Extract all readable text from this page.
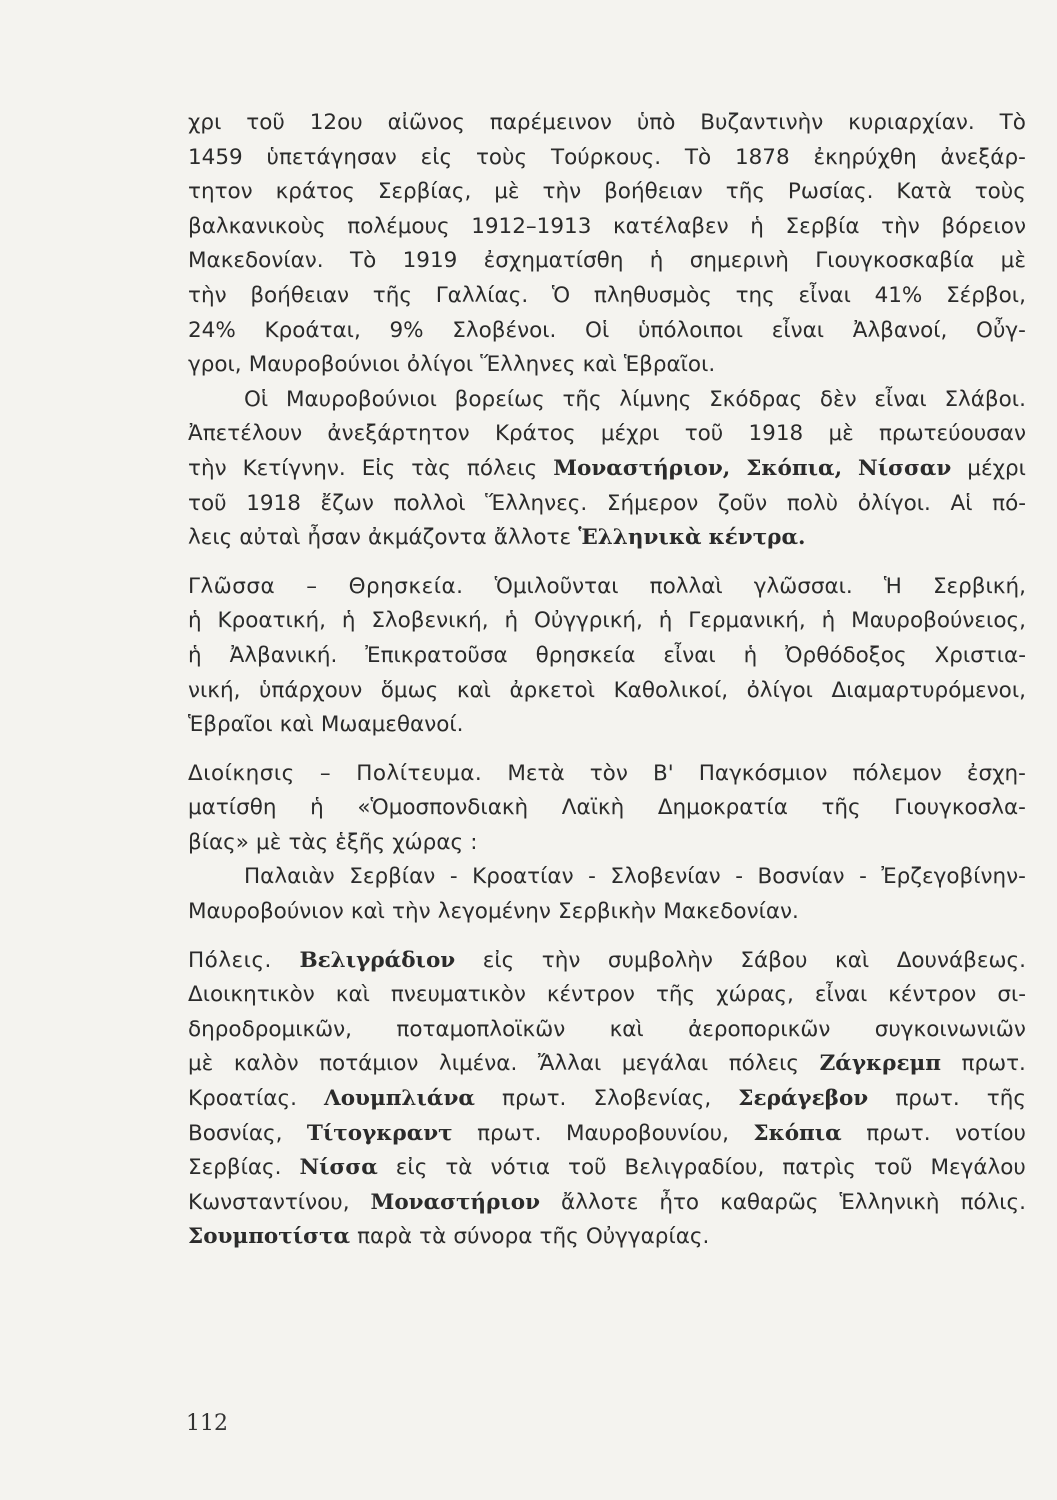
χρι τοῦ 12ου αἰῶνος παρέμεινον ὑπὸ Βυζαντινὴν κυριαρχίαν. Τὸ
1459 ὑπετάγησαν εἰς τοὺς Τούρκους. Τὸ 1878 ἐκηρύχθη ἀνεξάρ-
τητον κράτος Σερβίας, μὲ τὴν βοήθειαν τῆς Ρωσίας. Κατὰ τοὺς
βαλκανικοὺς πολέμους 1912–1913 κατέλαβεν ἡ Σερβία τὴν βόρειον
Μακεδονίαν. Τὸ 1919 ἐσχηματίσθη ἡ σημερινὴ Γιουγκοσκαβία μὲ
τὴν βοήθειαν τῆς Γαλλίας. Ὁ πληθυσμὸς της εἶναι 41% Σέρβοι,
24% Κροάται, 9% Σλοβένοι. Οἱ ὑπόλοιποι εἶναι Ἀλβανοί, Οὖγ-
γροι, Μαυροβούνιοι ὀλίγοι Ἕλληνες καὶ Ἑβραῖοι.
Οἱ Μαυροβούνιοι βορείως τῆς λίμνης Σκόδρας δὲν εἶναι Σλάβοι.
Ἀπετέλουν ἀνεξάρτητον Κράτος μέχρι τοῦ 1918 μὲ πρωτεύουσαν
τὴν Κετίγνην. Εἰς τὰς πόλεις Μοναστήριον, Σκόπια, Νίσσαν μέχρι
τοῦ 1918 ἔζων πολλοὶ Ἕλληνες. Σήμερον ζοῦν πολὺ ὀλίγοι. Αἱ πό-
λεις αὐταὶ ἦσαν ἀκμάζοντα ἄλλοτε Ἑλληνικὰ κέντρα.
Γλῶσσα – Θρησκεία. Ὁμιλοῦνται πολλαὶ γλῶσσαι. Ἡ Σερβική,
ἡ Κροατική, ἡ Σλοβενική, ἡ Οὐγγρική, ἡ Γερμανική, ἡ Μαυροβούνειος,
ἡ Ἀλβανική. Ἐπικρατοῦσα θρησκεία εἶναι ἡ Ὀρθόδοξος Χριστια-
νική, ὑπάρχουν ὅμως καὶ ἀρκετοὶ Καθολικοί, ὀλίγοι Διαμαρτυρόμενοι,
Ἑβραῖοι καὶ Μωαμεθανοί.
Διοίκησις – Πολίτευμα. Μετὰ τὸν Β' Παγκόσμιον πόλεμον ἐσχη-
ματίσθη ἡ «Ὁμοσπονδιακὴ Λαϊκὴ Δημοκρατία τῆς Γιουγκοσλα-
βίας» μὲ τὰς ἑξῆς χώρας :
Παλαιὰν Σερβίαν - Κροατίαν - Σλοβενίαν - Βοσνίαν - Ἐρζεγοβίνην-
Μαυροβούνιον καὶ τὴν λεγομένην Σερβικὴν Μακεδονίαν.
Πόλεις. Βελιγράδιον εἰς τὴν συμβολὴν Σάβου καὶ Δουνάβεως.
Διοικητικὸν καὶ πνευματικὸν κέντρον τῆς χώρας, εἶναι κέντρον σι-
δηροδρομικῶν, ποταμοπλοϊκῶν καὶ ἀεροπορικῶν συγκοινωνιῶν
μὲ καλὸν ποτάμιον λιμένα. Ἄλλαι μεγάλαι πόλεις Ζάγκρεμπ πρωτ.
Κροατίας. Λουμπλιάνα πρωτ. Σλοβενίας, Σεράγεβον πρωτ. τῆς
Βοσνίας, Τίτογκραντ πρωτ. Μαυροβουνίου, Σκόπια πρωτ. νοτίου
Σερβίας. Νίσσα εἰς τὰ νότια τοῦ Βελιγραδίου, πατρὶς τοῦ Μεγάλου
Κωνσταντίνου, Μοναστήριον ἄλλοτε ἦτο καθαρῶς Ἑλληνικὴ πόλις.
Σουμποτίστα παρὰ τὰ σύνορα τῆς Οὐγγαρίας.
112
